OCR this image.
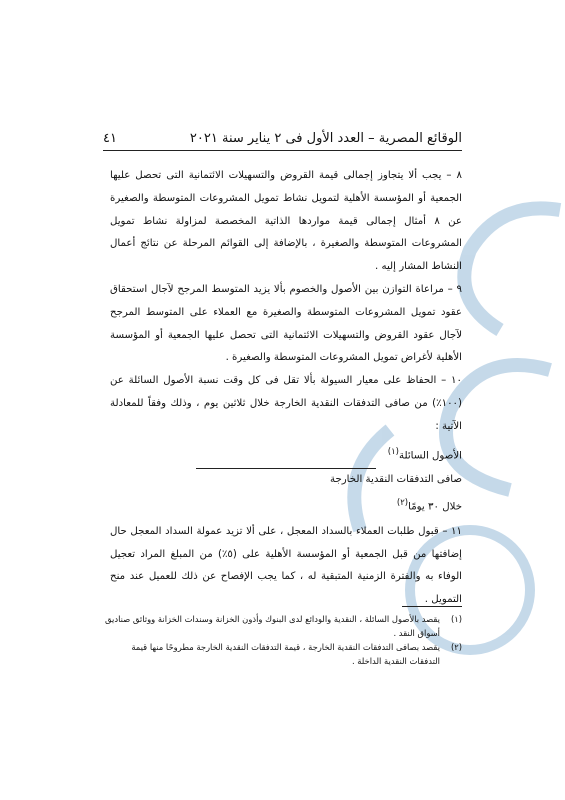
الوقائع المصرية – العدد الأول فى ٢ يناير سنة ٢٠٢١
٤١

٨ – يجب ألا يتجاوز إجمالى قيمة القروض والتسهيلات الائتمانية التى تحصل عليها الجمعية أو المؤسسة الأهلية لتمويل نشاط تمويل المشروعات المتوسطة والصغيرة عن ٨ أمثال إجمالى قيمة مواردها الذاتية المخصصة لمزاولة نشاط تمويل المشروعات المتوسطة والصغيرة ، بالإضافة إلى القوائم المرحلة عن نتائج أعمال النشاط المشار إليه .

٩ – مراعاة التوازن بين الأصول والخصوم بألا يزيد المتوسط المرجح لآجال استحقاق عقود تمويل المشروعات المتوسطة والصغيرة مع العملاء على المتوسط المرجح لآجال عقود القروض والتسهيلات الائتمانية التى تحصل عليها الجمعية أو المؤسسة الأهلية لأغراض تمويل المشروعات المتوسطة والصغيرة .

١٠ – الحفاظ على معيار السيولة بألا تقل فى كل وقت نسبة الأصول السائلة عن (١٠٠٪) من صافى التدفقات النقدية الخارجة خلال ثلاثين يوم ، وذلك وفقاً للمعادلة الآتية :

الأصول السائلة$^{(١)}$
صافى التدفقات النقدية الخارجة
خلال ٣٠ يومًا$^{(٢)}$

١١ – قبول طلبات العملاء بالسداد المعجل ، على ألا تزيد عمولة السداد المعجل حال إضافتها من قبل الجمعية أو المؤسسة الأهلية على (٥٪) من المبلغ المراد تعجيل الوفاء به والفترة الزمنية المتبقية له ، كما يجب الإفصاح عن ذلك للعميل عند منح التمويل .

(١)
يقصد بالأصول السائلة ، النقدية والودائع لدى البنوك وأذون الخزانة وسندات الخزانة ووثائق صناديق أسواق النقد .
(٢)
يقصد بصافى التدفقات النقدية الخارجة ، قيمة التدفقات النقدية الخارجة مطروحًا منها قيمة التدفقات النقدية الداخلة .
